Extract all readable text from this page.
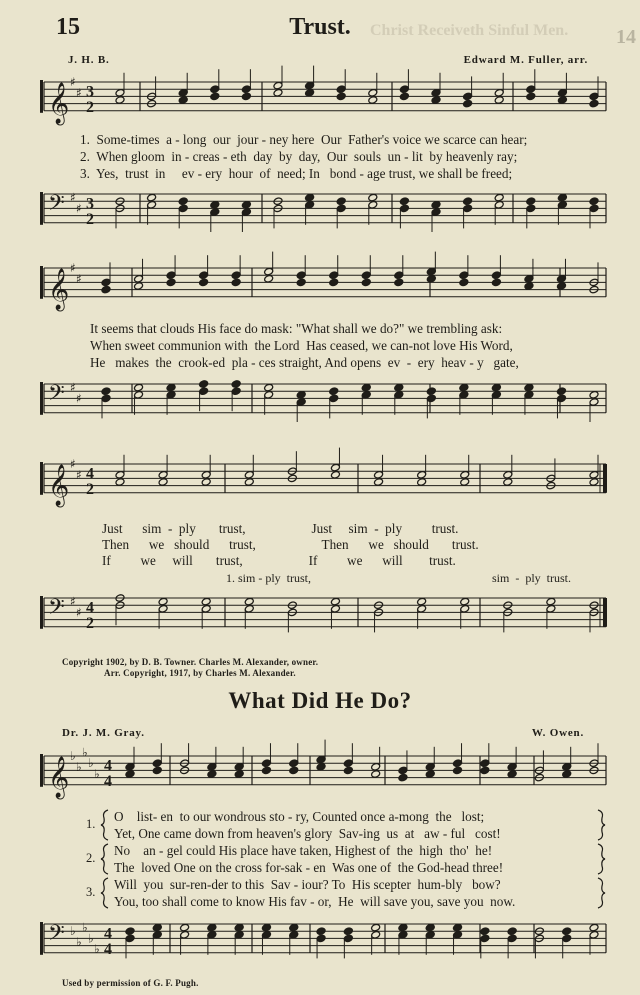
14
Christ Receiveth Sinful Men.
15	Trust.
J. H. B.	Edward M. Fuller, arr.
𝄞
♯
♯ 3
2
1.  Some-times  a - long  our  jour - ney here  Our  Father's voice we scarce can hear;
2.  When gloom  in - creas - eth  day  by  day,  Our  souls  un - lit  by heavenly ray;
3.  Yes,  trust  in     ev - ery  hour  of  need; In   bond - age trust, we shall be freed;
𝄢 ♯
♯ 3
2
𝄞
♯
♯
It seems that clouds His face do mask: "What shall we do?" we trembling ask:
When sweet communion with  the Lord  Has ceased, we can-not love His Word,
He   makes  the  crook-ed  pla - ces straight, And opens  ev  -  ery  heav - y   gate,
𝄢 ♯
♯
𝄞
♯
♯ 4
2
Just      sim  -  ply       trust,                    Just     sim  -  ply         trust.
Then      we   should      trust,                    Then      we   should       trust.
If         we     will       trust,                    If         we      will        trust.
1. sim - ply  trust,	sim  -  ply  trust.
𝄢 ♯
♯ 4
2
Copyright 1902, by D. B. Towner. Charles M. Alexander, owner.
Arr. Copyright, 1917, by Charles M. Alexander.
What Did He Do?
Dr. J. M. Gray.	W. Owen.
𝄞
♭
♭
♭
♭
♭ 4
4
1.
2.
3.
O    list- en  to our wondrous sto - ry, Counted once a-mong  the   lost;
Yet, One came down from heaven's glory  Sav-ing  us  at   aw - ful   cost!
No    an - gel could His place have taken, Highest of  the  high  tho'  he!
The  loved One on the cross for-sak - en  Was one of  the God-head three!
Will  you  sur-ren-der to this  Sav - iour? To  His scepter  hum-bly   bow?
You, too shall come to know His fav - or,  He  will save you, save you  now.
𝄢 ♭
♭
♭
♭
♭
4
4
Used by permission of G. F. Pugh.
